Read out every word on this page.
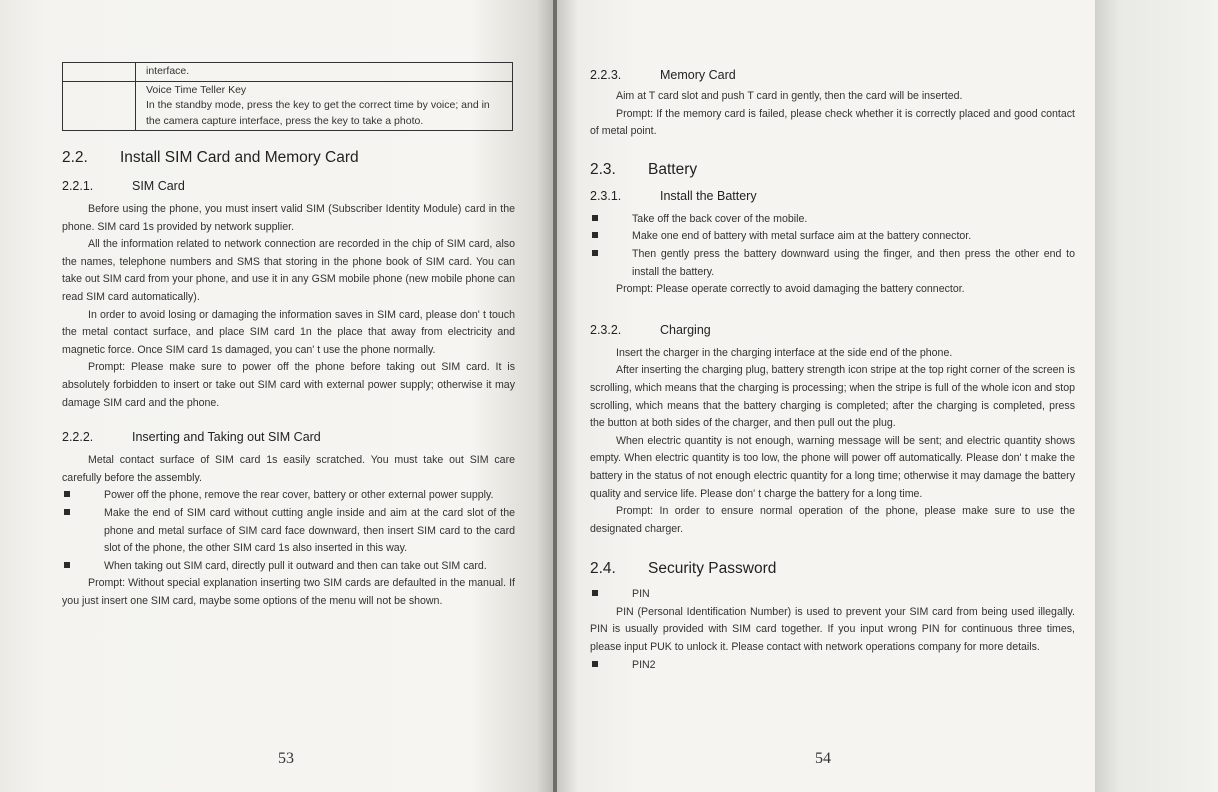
	interface.
	Voice Time Teller Key
In the standby mode, press the key to get the correct time by voice; and in the camera capture interface, press the key to take a photo.
2.2.	Install SIM Card and Memory Card
2.2.1.	SIM Card

Before using the phone, you must insert valid SIM (Subscriber Identity Module) card in the phone. SIM card 1s provided by network supplier.

All the information related to network connection are recorded in the chip of SIM card, also the names, telephone numbers and SMS that storing in the phone book of SIM card. You can take out SIM card from your phone, and use it in any GSM mobile phone (new mobile phone can read SIM card automatically).

In order to avoid losing or damaging the information saves in SIM card, please don' t touch the metal contact surface, and place SIM card 1n the place that away from electricity and magnetic force. Once SIM card 1s damaged, you can' t use the phone normally.

Prompt: Please make sure to power off the phone before taking out SIM card. It is absolutely forbidden to insert or take out SIM card with external power supply; otherwise it may damage SIM card and the phone.

2.2.2.	Inserting and Taking out SIM Card

Metal contact surface of SIM card 1s easily scratched. You must take out SIM care carefully before the assembly.

Power off the phone, remove the rear cover, battery or other external power supply.
Make the end of SIM card without cutting angle inside and aim at the card slot of the phone and metal surface of SIM card face downward, then insert SIM card to the card slot of the phone, the other SIM card 1s also inserted in this way.
When taking out SIM card, directly pull it outward and then can take out SIM card.

Prompt: Without special explanation inserting two SIM cards are defaulted in the manual. If you just insert one SIM card, maybe some options of the menu will not be shown.

53
2.2.3.	Memory Card

Aim at T card slot and push T card in gently, then the card will be inserted.

Prompt: If the memory card is failed, please check whether it is correctly placed and good contact of metal point.

2.3.	Battery
2.3.1.	Install the Battery
Take off the back cover of the mobile.
Make one end of battery with metal surface aim at the battery connector.
Then gently press the battery downward using the finger, and then press the other end to install the battery.

Prompt: Please operate correctly to avoid damaging the battery connector.

2.3.2.	Charging

Insert the charger in the charging interface at the side end of the phone.

After inserting the charging plug, battery strength icon stripe at the top right corner of the screen is scrolling, which means that the charging is processing; when the stripe is full of the whole icon and stop scrolling, which means that the battery charging is completed; after the charging is completed, press the button at both sides of the charger, and then pull out the plug.

When electric quantity is not enough, warning message will be sent; and electric quantity shows empty. When electric quantity is too low, the phone will power off automatically. Please don' t make the battery in the status of not enough electric quantity for a long time; otherwise it may damage the battery quality and service life. Please don' t charge the battery for a long time.

Prompt: In order to ensure normal operation of the phone, please make sure to use the designated charger.

2.4.	Security Password
PIN

PIN (Personal Identification Number) is used to prevent your SIM card from being used illegally. PIN is usually provided with SIM card together. If you input wrong PIN for continuous three times, please input PUK to unlock it. Please contact with network operations company for more details.

PIN2
54
